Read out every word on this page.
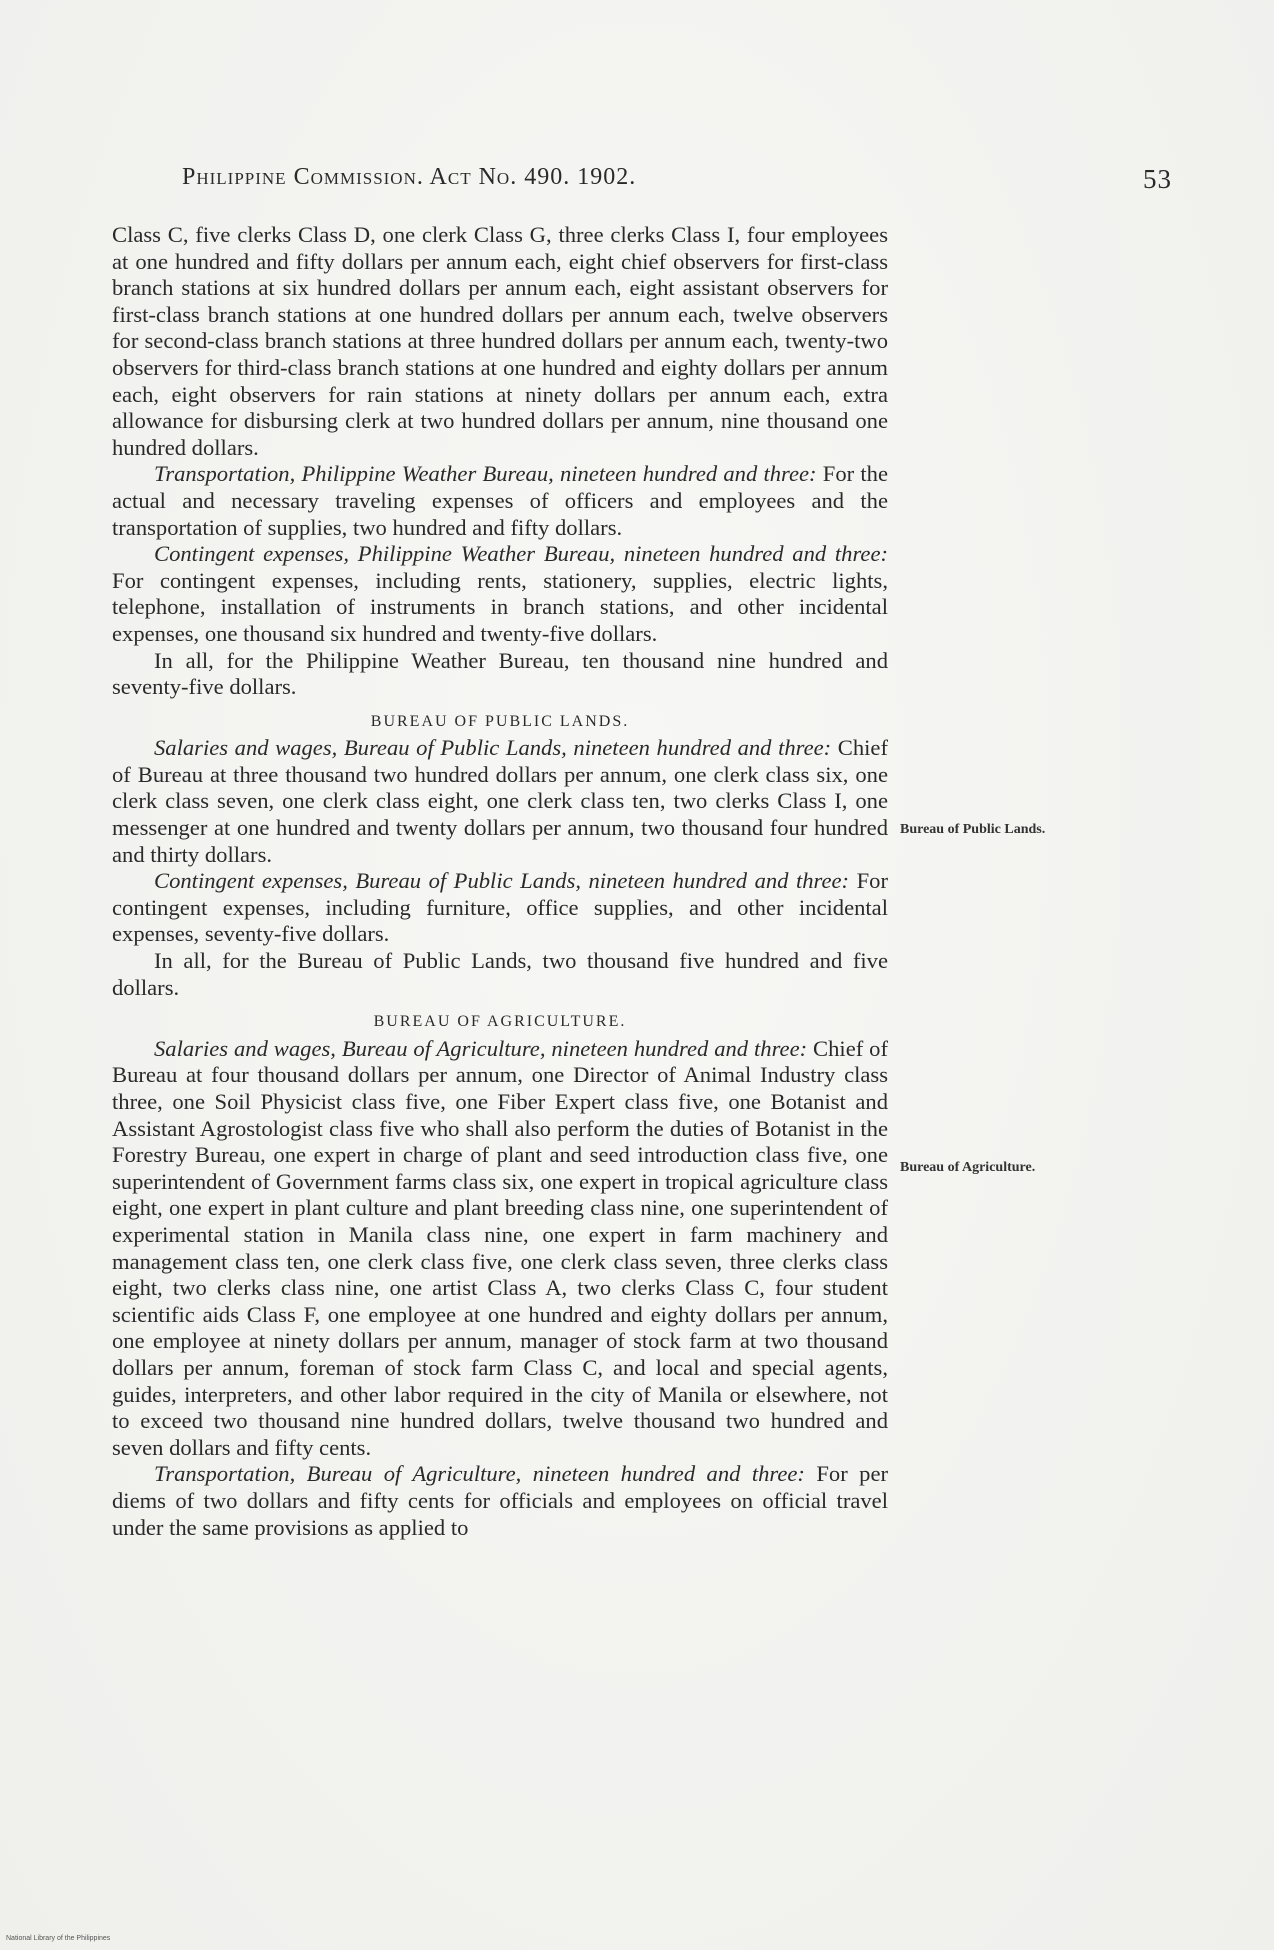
Philippine Commission. Act No. 490. 1902.	53

Class C, five clerks Class D, one clerk Class G, three clerks Class I, four employees at one hundred and fifty dollars per annum each, eight chief observers for first-class branch stations at six hundred dollars per annum each, eight assistant observers for first-class branch stations at one hundred dollars per annum each, twelve observers for second-class branch stations at three hundred dollars per annum each, twenty-two observers for third-class branch stations at one hundred and eighty dollars per annum each, eight observers for rain stations at ninety dollars per annum each, extra allowance for disbursing clerk at two hundred dollars per annum, nine thousand one hundred dollars.

Transportation, Philippine Weather Bureau, nineteen hundred and three: For the actual and necessary traveling expenses of officers and employees and the transportation of supplies, two hundred and fifty dollars.

Contingent expenses, Philippine Weather Bureau, nineteen hundred and three: For contingent expenses, including rents, stationery, supplies, electric lights, telephone, installation of instruments in branch stations, and other incidental expenses, one thousand six hundred and twenty-five dollars.

In all, for the Philippine Weather Bureau, ten thousand nine hundred and seventy-five dollars.

BUREAU OF PUBLIC LANDS.

Salaries and wages, Bureau of Public Lands, nineteen hundred and three: Chief of Bureau at three thousand two hundred dollars per annum, one clerk class six, one clerk class seven, one clerk class eight, one clerk class ten, two clerks Class I, one messenger at one hundred and twenty dollars per annum, two thousand four hundred and thirty dollars.

Contingent expenses, Bureau of Public Lands, nineteen hundred and three: For contingent expenses, including furniture, office supplies, and other incidental expenses, seventy-five dollars.

In all, for the Bureau of Public Lands, two thousand five hundred and five dollars.

BUREAU OF AGRICULTURE.

Salaries and wages, Bureau of Agriculture, nineteen hundred and three: Chief of Bureau at four thousand dollars per annum, one Director of Animal Industry class three, one Soil Physicist class five, one Fiber Expert class five, one Botanist and Assistant Agrostologist class five who shall also perform the duties of Botanist in the Forestry Bureau, one expert in charge of plant and seed introduction class five, one superintendent of Government farms class six, one expert in tropical agriculture class eight, one expert in plant culture and plant breeding class nine, one superintendent of experimental station in Manila class nine, one expert in farm machinery and management class ten, one clerk class five, one clerk class seven, three clerks class eight, two clerks class nine, one artist Class A, two clerks Class C, four student scientific aids Class F, one employee at one hundred and eighty dollars per annum, one employee at ninety dollars per annum, manager of stock farm at two thousand dollars per annum, foreman of stock farm Class C, and local and special agents, guides, interpreters, and other labor required in the city of Manila or elsewhere, not to exceed two thousand nine hundred dollars, twelve thousand two hundred and seven dollars and fifty cents.

Transportation, Bureau of Agriculture, nineteen hundred and three: For per diems of two dollars and fifty cents for officials and employees on official travel under the same provisions as applied to

Bureau of Public Lands.
Bureau of Agriculture.
National Library of the Philippines
